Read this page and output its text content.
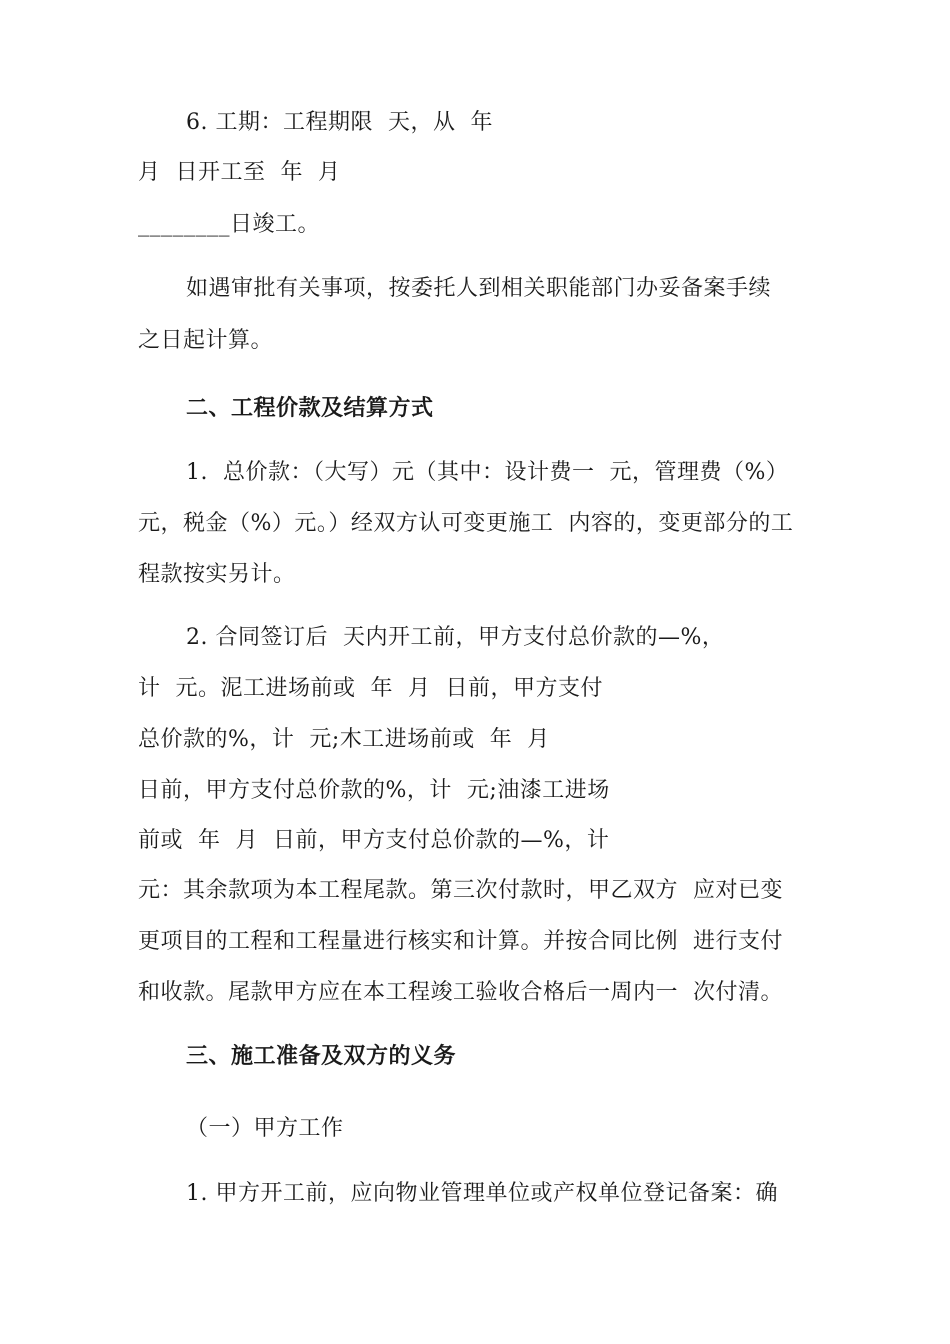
6. 工期：工程期限  天，从  年
月  日开工至  年  月
________日竣工。
如遇审批有关事项，按委托人到相关职能部门办妥备案手续
之日起计算。
二、工程价款及结算方式
1.  总价款：（大写）元（其中：设计费一  元，管理费（%）
元，税金（%）元。）经双方认可变更施工  内容的，变更部分的工
程款按实另计。
2. 合同签订后  天内开工前，甲方支付总价款的—%，
计  元。泥工进场前或  年  月  日前，甲方支付
总价款的%，计  元;木工进场前或  年  月
日前，甲方支付总价款的%，计  元;油漆工进场
前或  年  月  日前，甲方支付总价款的—%，计
元：其余款项为本工程尾款。第三次付款时，甲乙双方  应对已变
更项目的工程和工程量进行核实和计算。并按合同比例  进行支付
和收款。尾款甲方应在本工程竣工验收合格后一周内一  次付清。
三、施工准备及双方的义务
（一）甲方工作
1. 甲方开工前，应向物业管理单位或产权单位登记备案：确
